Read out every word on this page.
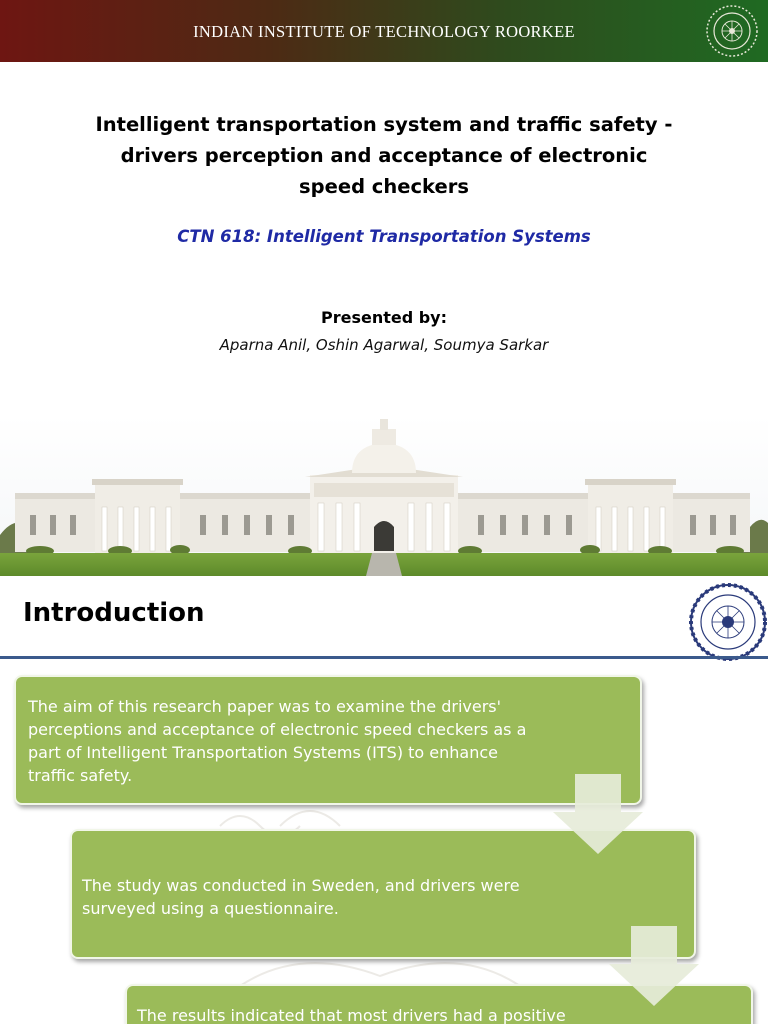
INDIAN INSTITUTE OF TECHNOLOGY ROORKEE
Intelligent transportation system and traffic safety - drivers perception and acceptance of electronic speed checkers
CTN 618: Intelligent Transportation Systems
Presented by:
Aparna Anil, Oshin Agarwal, Soumya Sarkar
Introduction
The aim of this research paper was to examine the drivers' perceptions and acceptance of electronic speed checkers as a part of Intelligent Transportation Systems (ITS) to enhance traffic safety.
The study was conducted in Sweden, and drivers were surveyed using a questionnaire.
The results indicated that most drivers had a positive
